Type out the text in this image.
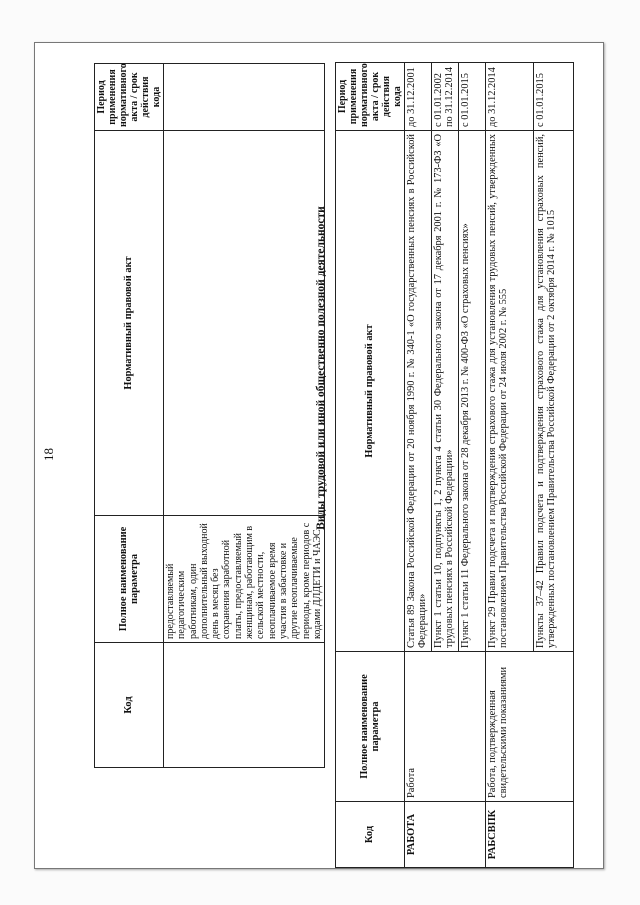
18
Код	Полное наименование параметра	Нормативный правовой акт	Период применения нормативного акта / срок действия кода
	предоставляемый педагогическим работникам, один дополнительный выходной день в месяц без сохранения заработной платы, предоставляемый женщинам, работающим в сельской местности, неоплачиваемое время участия в забастовке и другие неоплачиваемые периоды, кроме периодов с кодами ДЛДЕТИ и ЧАЭС		
Виды трудовой или иной общественно полезной деятельности
Код	Полное наименование параметра	Нормативный правовой акт	Период применения нормативного акта / срок действия кода
РАБОТА	Работа	Статья 89 Закона Российской Федерации от 20 ноября 1990 г. № 340-1 «О государственных пенсиях в Российской Федерации»	до 31.12.2001
		Пункт 1 статьи 10, подпункты 1, 2 пункта 4 статьи 30 Федерального закона от 17 декабря 2001 г. № 173-ФЗ «О трудовых пенсиях в Российской Федерации»	с 01.01.2002 по 31.12.2014
		Пункт 1 статьи 11 Федерального закона от 28 декабря 2013 г. № 400-ФЗ «О страховых пенсиях»	с 01.01.2015
РАБСВПК	Работа, подтвержденная свидетельскими показаниями	Пункт 29 Правил подсчета и подтверждения страхового стажа для установления трудовых пенсий, утвержденных постановлением Правительства Российской Федерации от 24 июля 2002 г. № 555	до 31.12.2014
		Пункты 37–42 Правил подсчета и подтверждения страхового стажа для установления страховых пенсий, утвержденных постановлением Правительства Российской Федерации от 2 октября 2014 г. № 1015	с 01.01.2015
